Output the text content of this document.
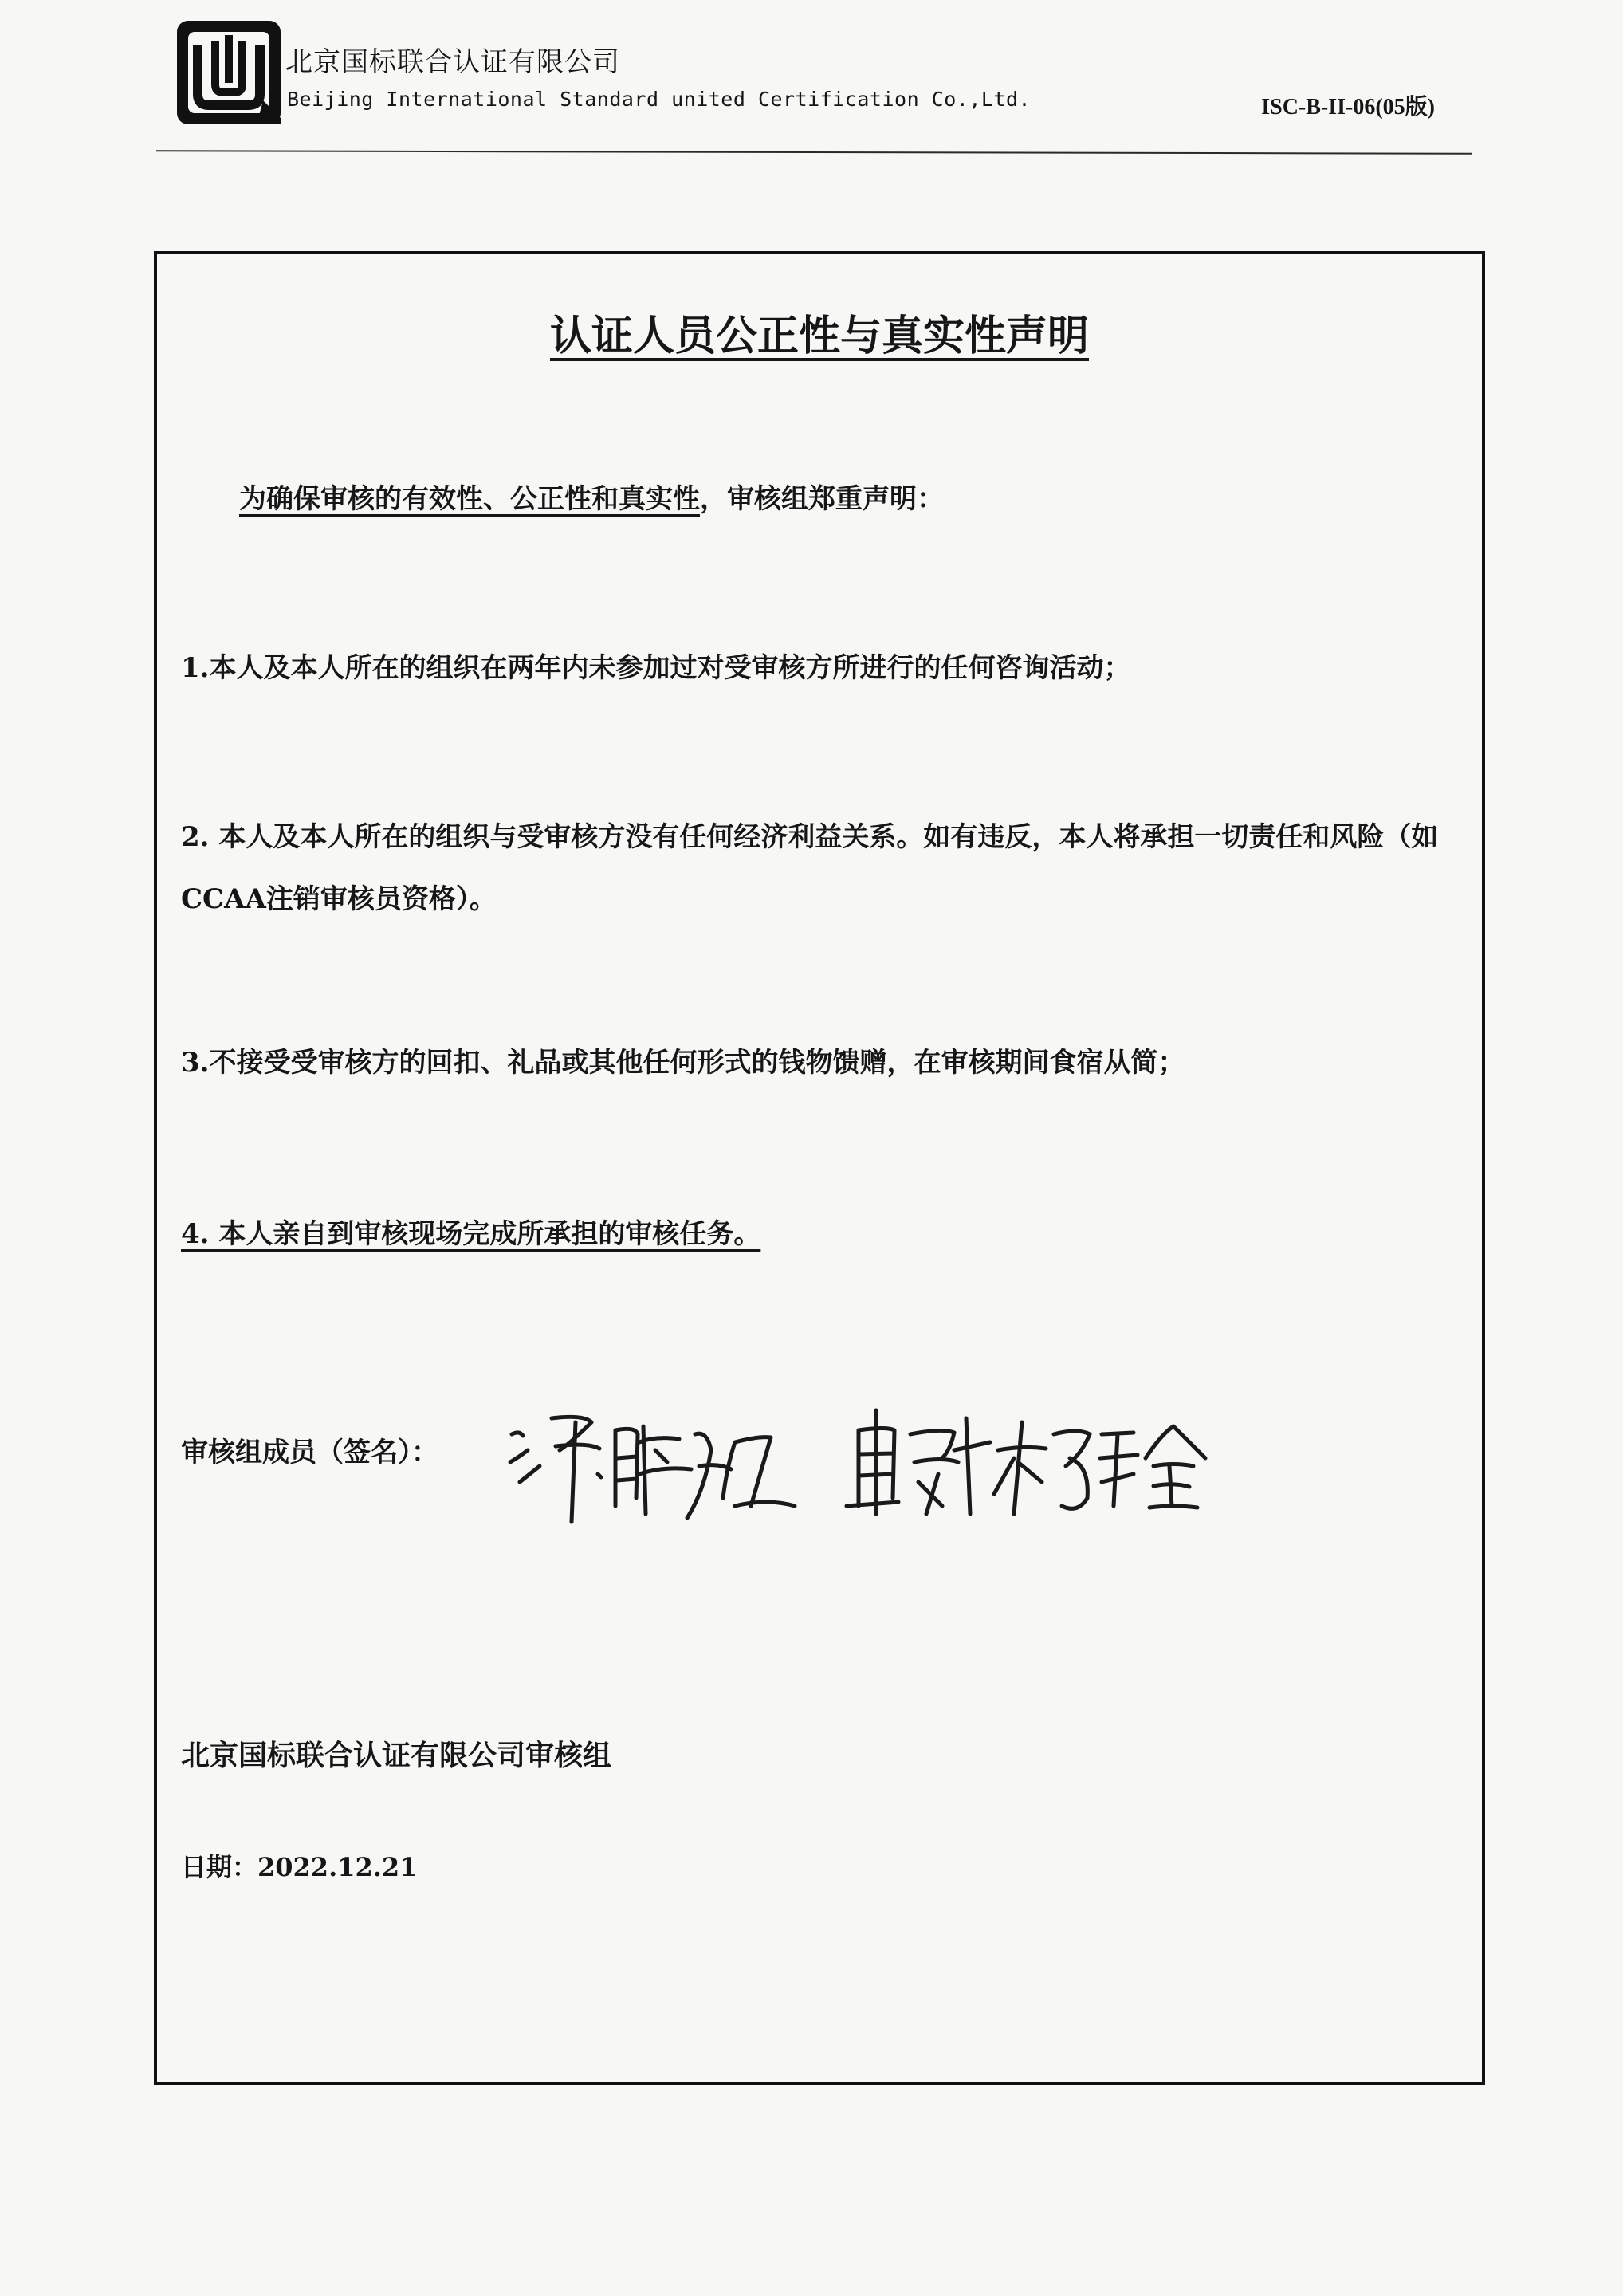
北京国标联合认证有限公司
Beijing International Standard united Certification Co.,Ltd.	ISC-B-II-06(05版)
认证人员公正性与真实性声明
为确保审核的有效性、公正性和真实性，审核组郑重声明：
1.本人及本人所在的组织在两年内未参加过对受审核方所进行的任何咨询活动；
2. 本人及本人所在的组织与受审核方没有任何经济利益关系。如有违反，本人将承担一切责任和风险（如CCAA注销审核员资格）。
3.不接受受审核方的回扣、礼品或其他任何形式的钱物馈赠，在审核期间食宿从简；
4. 本人亲自到审核现场完成所承担的审核任务。
审核组成员（签名）：
北京国标联合认证有限公司审核组
日期：2022.12.21
